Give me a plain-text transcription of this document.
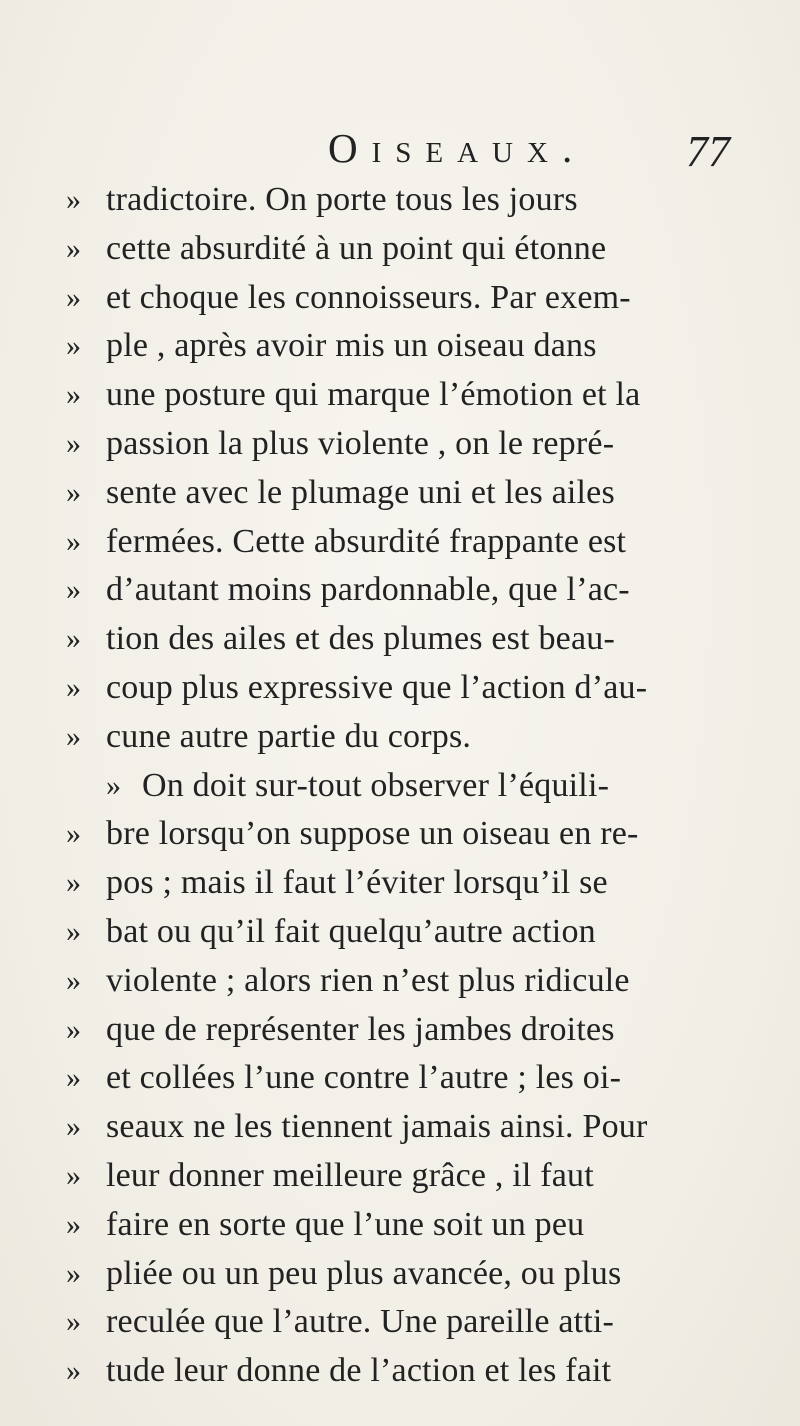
Oiseaux. 77
» tradictoire. On porte tous les jours
» cette absurdité à un point qui étonne
» et choque les connoisseurs. Par exem-
» ple , après avoir mis un oiseau dans
» une posture qui marque l’émotion et la
» passion la plus violente , on le repré-
» sente avec le plumage uni et les ailes
» fermées. Cette absurdité frappante est
» d’autant moins pardonnable, que l’ac-
» tion des ailes et des plumes est beau-
» coup plus expressive que l’action d’au-
» cune autre partie du corps.
» On doit sur-tout observer l’équili-
» bre lorsqu’on suppose un oiseau en re-
» pos ; mais il faut l’éviter lorsqu’il se
» bat ou qu’il fait quelqu’autre action
» violente ; alors rien n’est plus ridicule
» que de représenter les jambes droites
» et collées l’une contre l’autre ; les oi-
» seaux ne les tiennent jamais ainsi. Pour
» leur donner meilleure grâce , il faut
» faire en sorte que l’une soit un peu
» pliée ou un peu plus avancée, ou plus
» reculée que l’autre. Une pareille atti-
» tude leur donne de l’action et les fait
